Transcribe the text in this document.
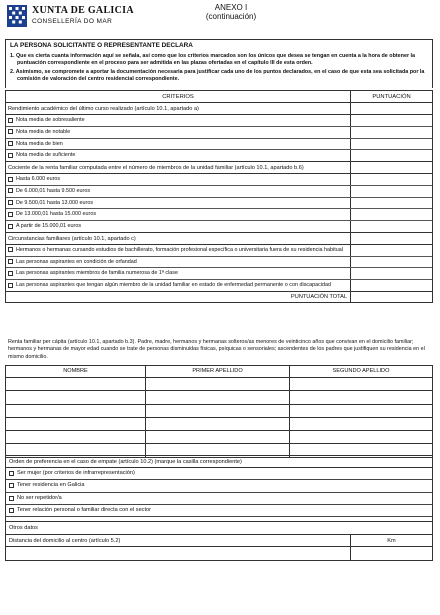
XUNTA DE GALICIA
CONSELLERÍA DO MAR
ANEXO I
(continuación)
LA PERSONA SOLICITANTE O REPRESENTANTE DECLARA

1. Que es cierta cuanta información aquí se señala, así como que los criterios marcados son los únicos que desea se tengan en cuenta a la hora de obtener la puntuación correspondiente en el proceso para ser admitida en las plazas ofertadas en el capítulo III de esta orden.

2. Asimismo, se compromete a aportar la documentación necesaria para justificar cada uno de los puntos declarados, en el caso de que esta sea solicitada por la comisión de valoración del centro residencial correspondiente.

CRITERIOS	PUNTUACIÓN
Rendimiento académico del último curso realizado (artículo 10.1, apartado a)
Nota media de sobresaliente
Nota media de notable
Nota media de bien
Nota media de suficiente
Cociente de la renta familiar computada entre el número de miembros de la unidad familiar (artículo 10.1, apartado b.6)
Hasta 6.000 euros
De 6.000,01 hasta 9.500 euros
De 9.500,01 hasta 13.000 euros
De 13.000,01 hasta 15.000 euros
A partir de 15.000,01 euros
Circunstancias familiares (artículo 10.1, apartado c)
Hermanos o hermanas cursando estudios de bachillerato, formación profesional específica o universitaria fuera de su residencia habitual
Las personas aspirantes en condición de orfandad
Las personas aspirantes miembros de familia numerosa de 1ª clase
Las personas aspirantes que tengan algún miembro de la unidad familiar en estado de enfermedad permanente o con discapacidad
PUNTUACIÓN TOTAL
Renta familiar per cápita (artículo 10.1, apartado b.3). Padre, madre, hermanos y hermanas solteros/as menores de veinticinco años que convivan en el domicilio familiar; hermanos y hermanas de mayor edad cuando se trate de personas disminuidas físicas, psíquicas o sensoriales; ascendentes de los padres que justifiquen su residencia en el mismo domicilio.
NOMBRE	PRIMER APELLIDO	SEGUNDO APELLIDO

Orden de preferencia en el caso de empate (artículo 10.2) (marque la casilla correspondiente)
Ser mujer (por criterios de infrarrepresentación)
Tener residencia en Galicia
No ser repetidor/a
Tener relación personal o familiar directa con el sector
Otros datos
Distancia del domicilio al centro (artículo 5.2)	Km
